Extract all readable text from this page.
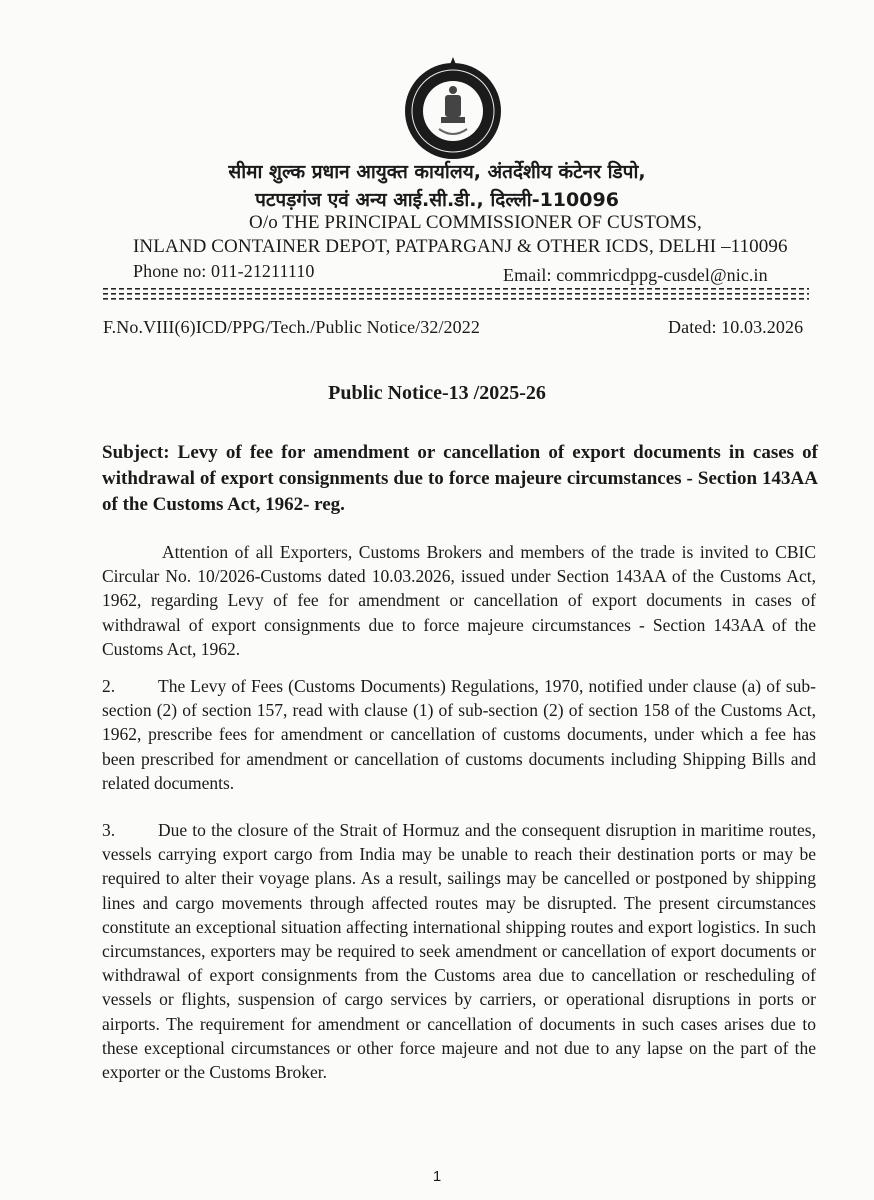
सीमा शुल्क प्रधान आयुक्त कार्यालय, अंतर्देशीय कंटेनर डिपो,
पटपड़गंज एवं अन्य आई.सी.डी., दिल्ली-110096
O/o THE PRINCIPAL COMMISSIONER OF CUSTOMS,
INLAND CONTAINER DEPOT, PATPARGANJ & OTHER ICDS, DELHI –110096
Phone no: 011-21211110	Email: commricdppg-cusdel@nic.in
F.No.VIII(6)ICD/PPG/Tech./Public Notice/32/2022	Dated: 10.03.2026
Public Notice-13 /2025-26
Subject: Levy of fee for amendment or cancellation of export documents in cases of withdrawal of export consignments due to force majeure circumstances - Section 143AA of the Customs Act, 1962- reg.
Attention of all Exporters, Customs Brokers and members of the trade is invited to CBIC Circular No. 10/2026-Customs dated 10.03.2026, issued under Section 143AA of the Customs Act, 1962, regarding Levy of fee for amendment or cancellation of export documents in cases of withdrawal of export consignments due to force majeure circumstances - Section 143AA of the Customs Act, 1962.
2. The Levy of Fees (Customs Documents) Regulations, 1970, notified under clause (a) of sub-section (2) of section 157, read with clause (1) of sub-section (2) of section 158 of the Customs Act, 1962, prescribe fees for amendment or cancellation of customs documents, under which a fee has been prescribed for amendment or cancellation of customs documents including Shipping Bills and related documents.
3. Due to the closure of the Strait of Hormuz and the consequent disruption in maritime routes, vessels carrying export cargo from India may be unable to reach their destination ports or may be required to alter their voyage plans. As a result, sailings may be cancelled or postponed by shipping lines and cargo movements through affected routes may be disrupted. The present circumstances constitute an exceptional situation affecting international shipping routes and export logistics. In such circumstances, exporters may be required to seek amendment or cancellation of export documents or withdrawal of export consignments from the Customs area due to cancellation or rescheduling of vessels or flights, suspension of cargo services by carriers, or operational disruptions in ports or airports. The requirement for amendment or cancellation of documents in such cases arises due to these exceptional circumstances or other force majeure and not due to any lapse on the part of the exporter or the Customs Broker.
1
